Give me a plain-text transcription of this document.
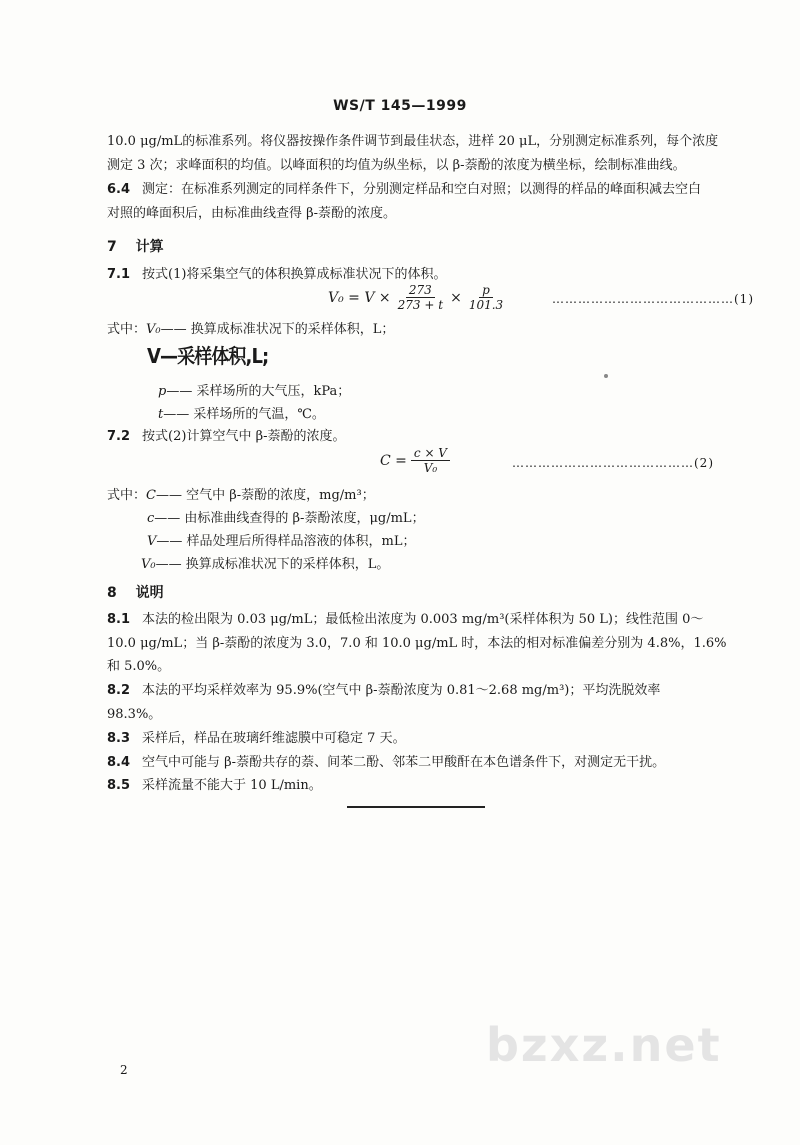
WS/T 145—1999
10.0 μg/mL的标准系列。将仪器按操作条件调节到最佳状态，进样 20 μL，分别测定标准系列，每个浓度
测定 3 次；求峰面积的均值。以峰面积的均值为纵坐标，以 β-萘酚的浓度为横坐标，绘制标准曲线。
6.4 测定：在标准系列测定的同样条件下，分别测定样品和空白对照；以测得的样品的峰面积减去空白
对照的峰面积后，由标准曲线查得 β-萘酚的浓度。
7 计算
7.1 按式(1)将采集空气的体积换算成标准状况下的体积。
$V_0 = V \times \frac{273}{273 + t} \times \frac{p}{101.3}$	……………………………………(1)
式中：V₀—— 换算成标准状况下的采样体积，L；
V—采样体积,L;
p—— 采样场所的大气压，kPa；
t—— 采样场所的气温，℃。
7.2 按式(2)计算空气中 β-萘酚的浓度。
$C = \frac{c \times V}{\text{V₀}}$	……………………………………(2)
式中：C—— 空气中 β-萘酚的浓度，mg/m³；
c—— 由标准曲线查得的 β-萘酚浓度，μg/mL；
V—— 样品处理后所得样品溶液的体积，mL；
V₀—— 换算成标准状况下的采样体积，L。
8 说明
8.1 本法的检出限为 0.03 μg/mL；最低检出浓度为 0.003 mg/m³(采样体积为 50 L)；线性范围 0～
10.0 μg/mL；当 β-萘酚的浓度为 3.0，7.0 和 10.0 μg/mL 时，本法的相对标准偏差分别为 4.8%，1.6%
和 5.0%。
8.2 本法的平均采样效率为 95.9%(空气中 β-萘酚浓度为 0.81～2.68 mg/m³)；平均洗脱效率
98.3%。
8.3 采样后，样品在玻璃纤维滤膜中可稳定 7 天。
8.4 空气中可能与 β-萘酚共存的萘、间苯二酚、邻苯二甲酸酐在本色谱条件下，对测定无干扰。
8.5 采样流量不能大于 10 L/min。
bzxz.net
2
